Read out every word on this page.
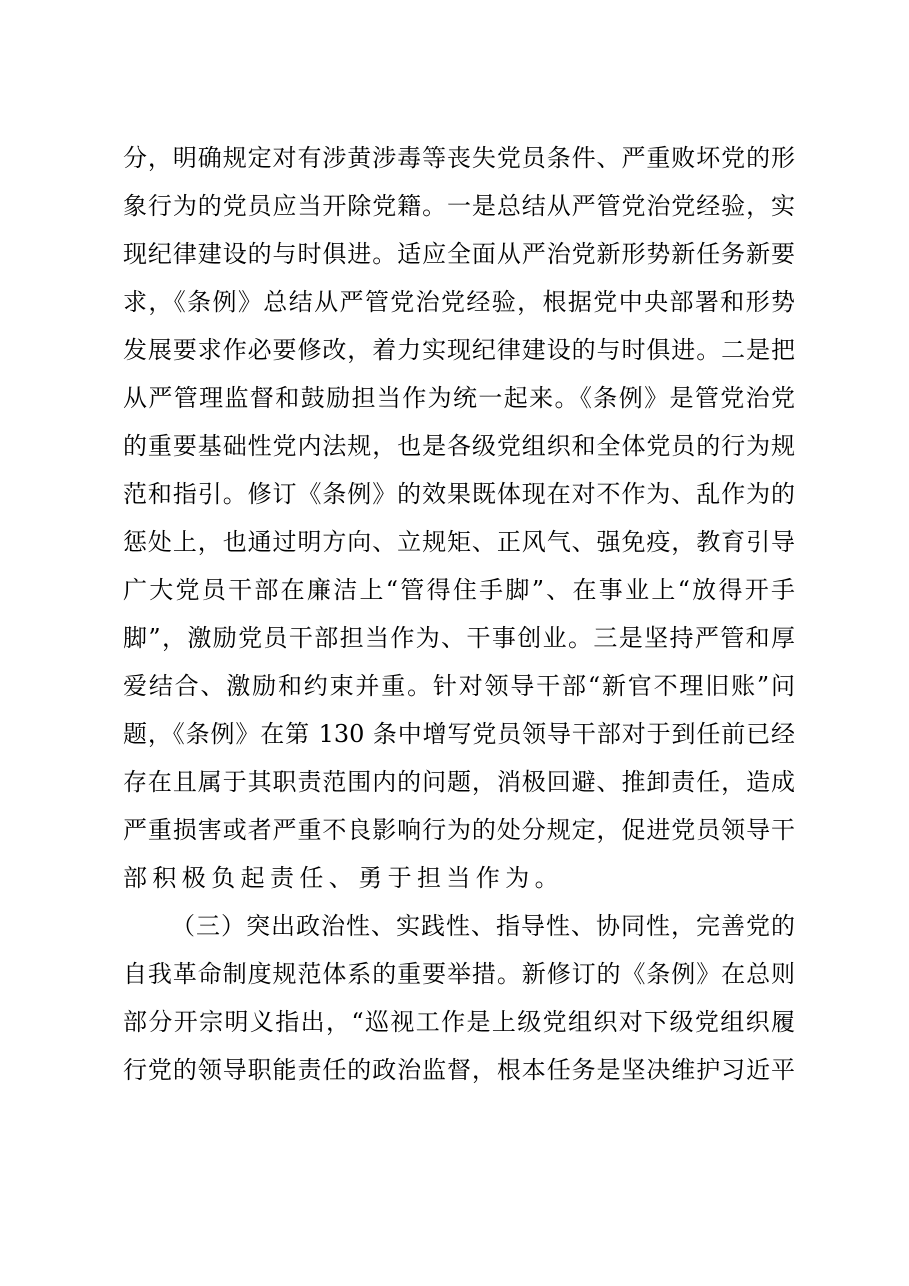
分，明确规定对有涉黄涉毒等丧失党员条件、严重败坏党的形
象行为的党员应当开除党籍。一是总结从严管党治党经验，实
现纪律建设的与时俱进。适应全面从严治党新形势新任务新要
求，《条例》总结从严管党治党经验，根据党中央部署和形势
发展要求作必要修改，着力实现纪律建设的与时俱进。二是把
从严管理监督和鼓励担当作为统一起来。《条例》是管党治党
的重要基础性党内法规，也是各级党组织和全体党员的行为规
范和指引。修订《条例》的效果既体现在对不作为、乱作为的
惩处上，也通过明方向、立规矩、正风气、强免疫，教育引导
广大党员干部在廉洁上“管得住手脚”、在事业上“放得开手
脚”，激励党员干部担当作为、干事创业。三是坚持严管和厚
爱结合、激励和约束并重。针对领导干部“新官不理旧账”问
题，《条例》在第 130 条中增写党员领导干部对于到任前已经
存在且属于其职责范围内的问题，消极回避、推卸责任，造成
严重损害或者严重不良影响行为的处分规定，促进党员领导干
部积极负起责任、勇于担当作为。
（三）突出政治性、实践性、指导性、协同性，完善党的
自我革命制度规范体系的重要举措。新修订的《条例》在总则
部分开宗明义指出，“巡视工作是上级党组织对下级党组织履
行党的领导职能责任的政治监督，根本任务是坚决维护习近平
